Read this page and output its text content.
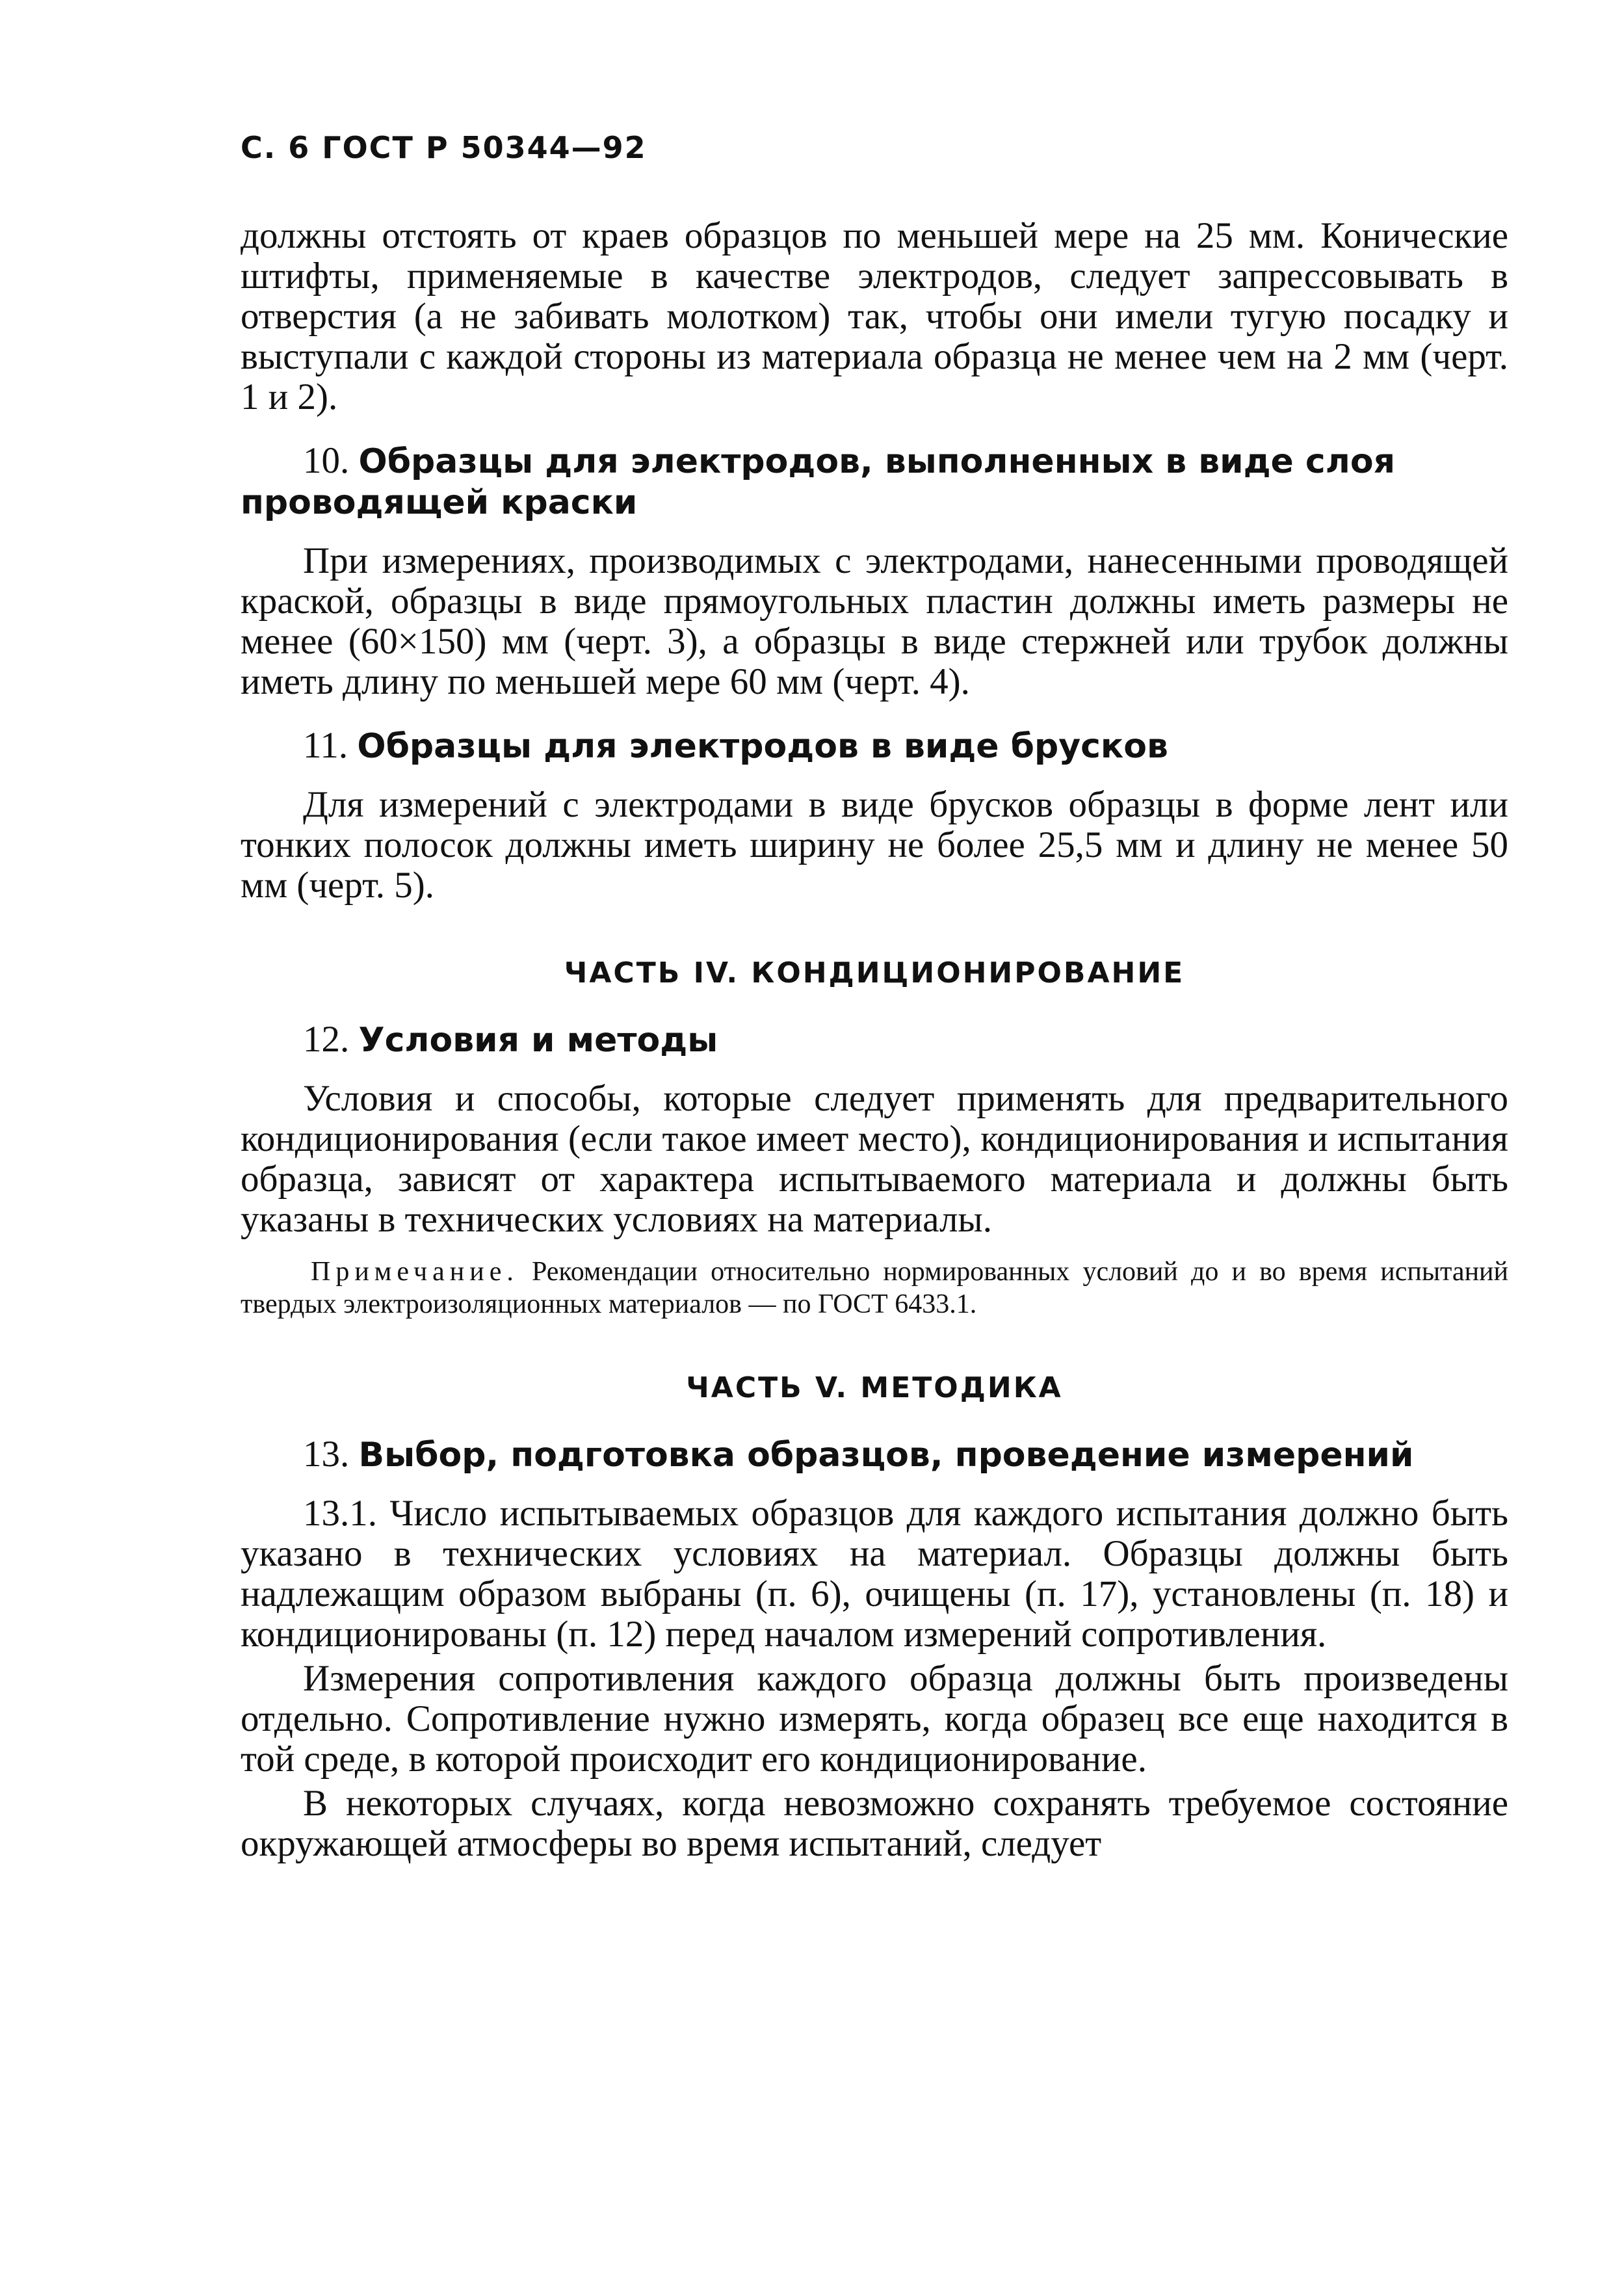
С. 6 ГОСТ Р 50344—92

должны отстоять от краев образцов по меньшей мере на 25 мм. Конические штифты, применяемые в качестве электродов, следует запрессовывать в отверстия (а не забивать молотком) так, чтобы они имели тугую посадку и выступали с каждой стороны из материала образца не менее чем на 2 мм (черт. 1 и 2).

10. Образцы для электродов, выполненных в виде слоя проводящей краски

При измерениях, производимых с электродами, нанесенными проводящей краской, образцы в виде прямоугольных пластин должны иметь размеры не менее (60×150) мм (черт. 3), а образцы в виде стержней или трубок должны иметь длину по меньшей мере 60 мм (черт. 4).

11. Образцы для электродов в виде брусков

Для измерений с электродами в виде брусков образцы в форме лент или тонких полосок должны иметь ширину не более 25,5 мм и длину не менее 50 мм (черт. 5).

ЧАСТЬ IV. КОНДИЦИОНИРОВАНИЕ
12. Условия и методы

Условия и способы, которые следует применять для предварительного кондиционирования (если такое имеет место), кондиционирования и испытания образца, зависят от характера испытываемого материала и должны быть указаны в технических условиях на материалы.

Примечание. Рекомендации относительно нормированных условий до и во время испытаний твердых электроизоляционных материалов — по ГОСТ 6433.1.
ЧАСТЬ V. МЕТОДИКА
13. Выбор, подготовка образцов, проведение измерений

13.1. Число испытываемых образцов для каждого испытания должно быть указано в технических условиях на материал. Образцы должны быть надлежащим образом выбраны (п. 6), очищены (п. 17), установлены (п. 18) и кондиционированы (п. 12) перед началом измерений сопротивления.

Измерения сопротивления каждого образца должны быть произведены отдельно. Сопротивление нужно измерять, когда образец все еще находится в той среде, в которой происходит его кондиционирование.

В некоторых случаях, когда невозможно сохранять требуемое состояние окружающей атмосферы во время испытаний, следует
